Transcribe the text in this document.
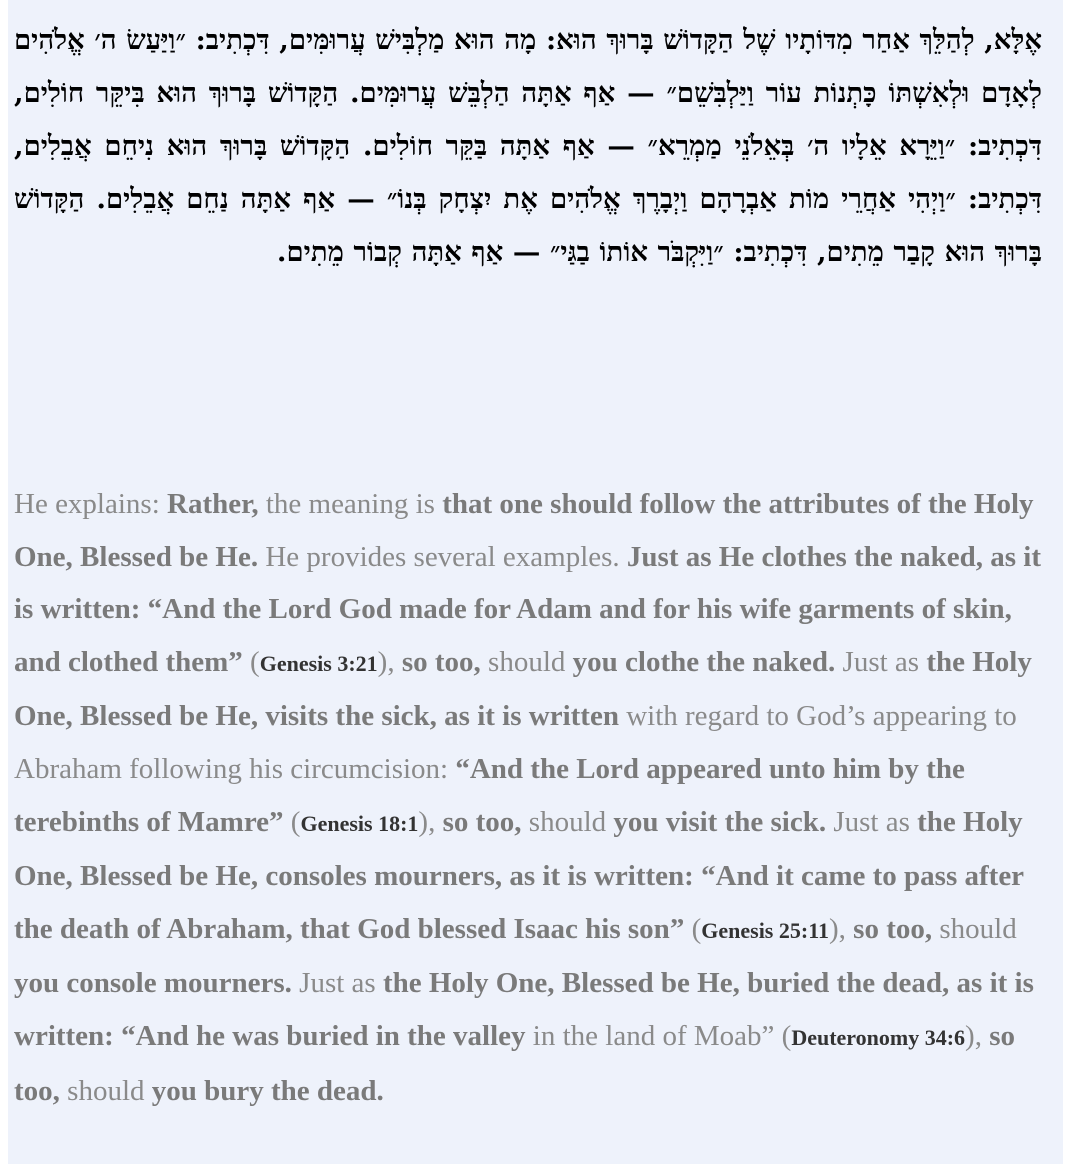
אֶלָּא, לְהַלֵּךְ אַחַר מִדּוֹתָיו שֶׁל הַקָּדוֹשׁ בָּרוּךְ הוּא: מָה הוּא מַלְבִּישׁ עֲרוּמִּים, דִּכְתִיב: ״וַיַּעַשׂ ה׳ אֱלֹהִים לְאָדָם וּלְאִשְׁתּוֹ כָּתְנוֹת עוֹר וַיַּלְבִּשֵׁם״ — אַף אַתָּה הַלְבֵּשׁ עֲרוּמִּים. הַקָּדוֹשׁ בָּרוּךְ הוּא בִּיקֵּר חוֹלִים, דִּכְתִיב: ״וַיֵּרָא אֵלָיו ה׳ בְּאֵלֹנֵי מַמְרֵא״ — אַף אַתָּה בַּקֵּר חוֹלִים. הַקָּדוֹשׁ בָּרוּךְ הוּא נִיחֵם אֲבֵלִים, דִּכְתִיב: ״וַיְהִי אַחֲרֵי מוֹת אַבְרָהָם וַיְבָרֶךְ אֱלֹהִים אֶת יִצְחָק בְּנוֹ״ — אַף אַתָּה נַחֵם אֲבֵלִים. הַקָּדוֹשׁ בָּרוּךְ הוּא קָבַר מֵתִים, דִּכְתִיב: ״וַיִּקְבֹּר אוֹתוֹ בַגַּי״ — אַף אַתָּה קְבוֹר מֵתִים.
He explains: Rather, the meaning is that one should follow the attributes of the Holy One, Blessed be He. He provides several examples. Just as He clothes the naked, as it is written: “And the Lord God made for Adam and for his wife garments of skin, and clothed them” (Genesis 3:21), so too, should you clothe the naked. Just as the Holy One, Blessed be He, visits the sick, as it is written with regard to God’s appearing to Abraham following his circumcision: “And the Lord appeared unto him by the terebinths of Mamre” (Genesis 18:1), so too, should you visit the sick. Just as the Holy One, Blessed be He, consoles mourners, as it is written: “And it came to pass after the death of Abraham, that God blessed Isaac his son” (Genesis 25:11), so too, should you console mourners. Just as the Holy One, Blessed be He, buried the dead, as it is written: “And he was buried in the valley in the land of Moab” (Deuteronomy 34:6), so too, should you bury the dead.
